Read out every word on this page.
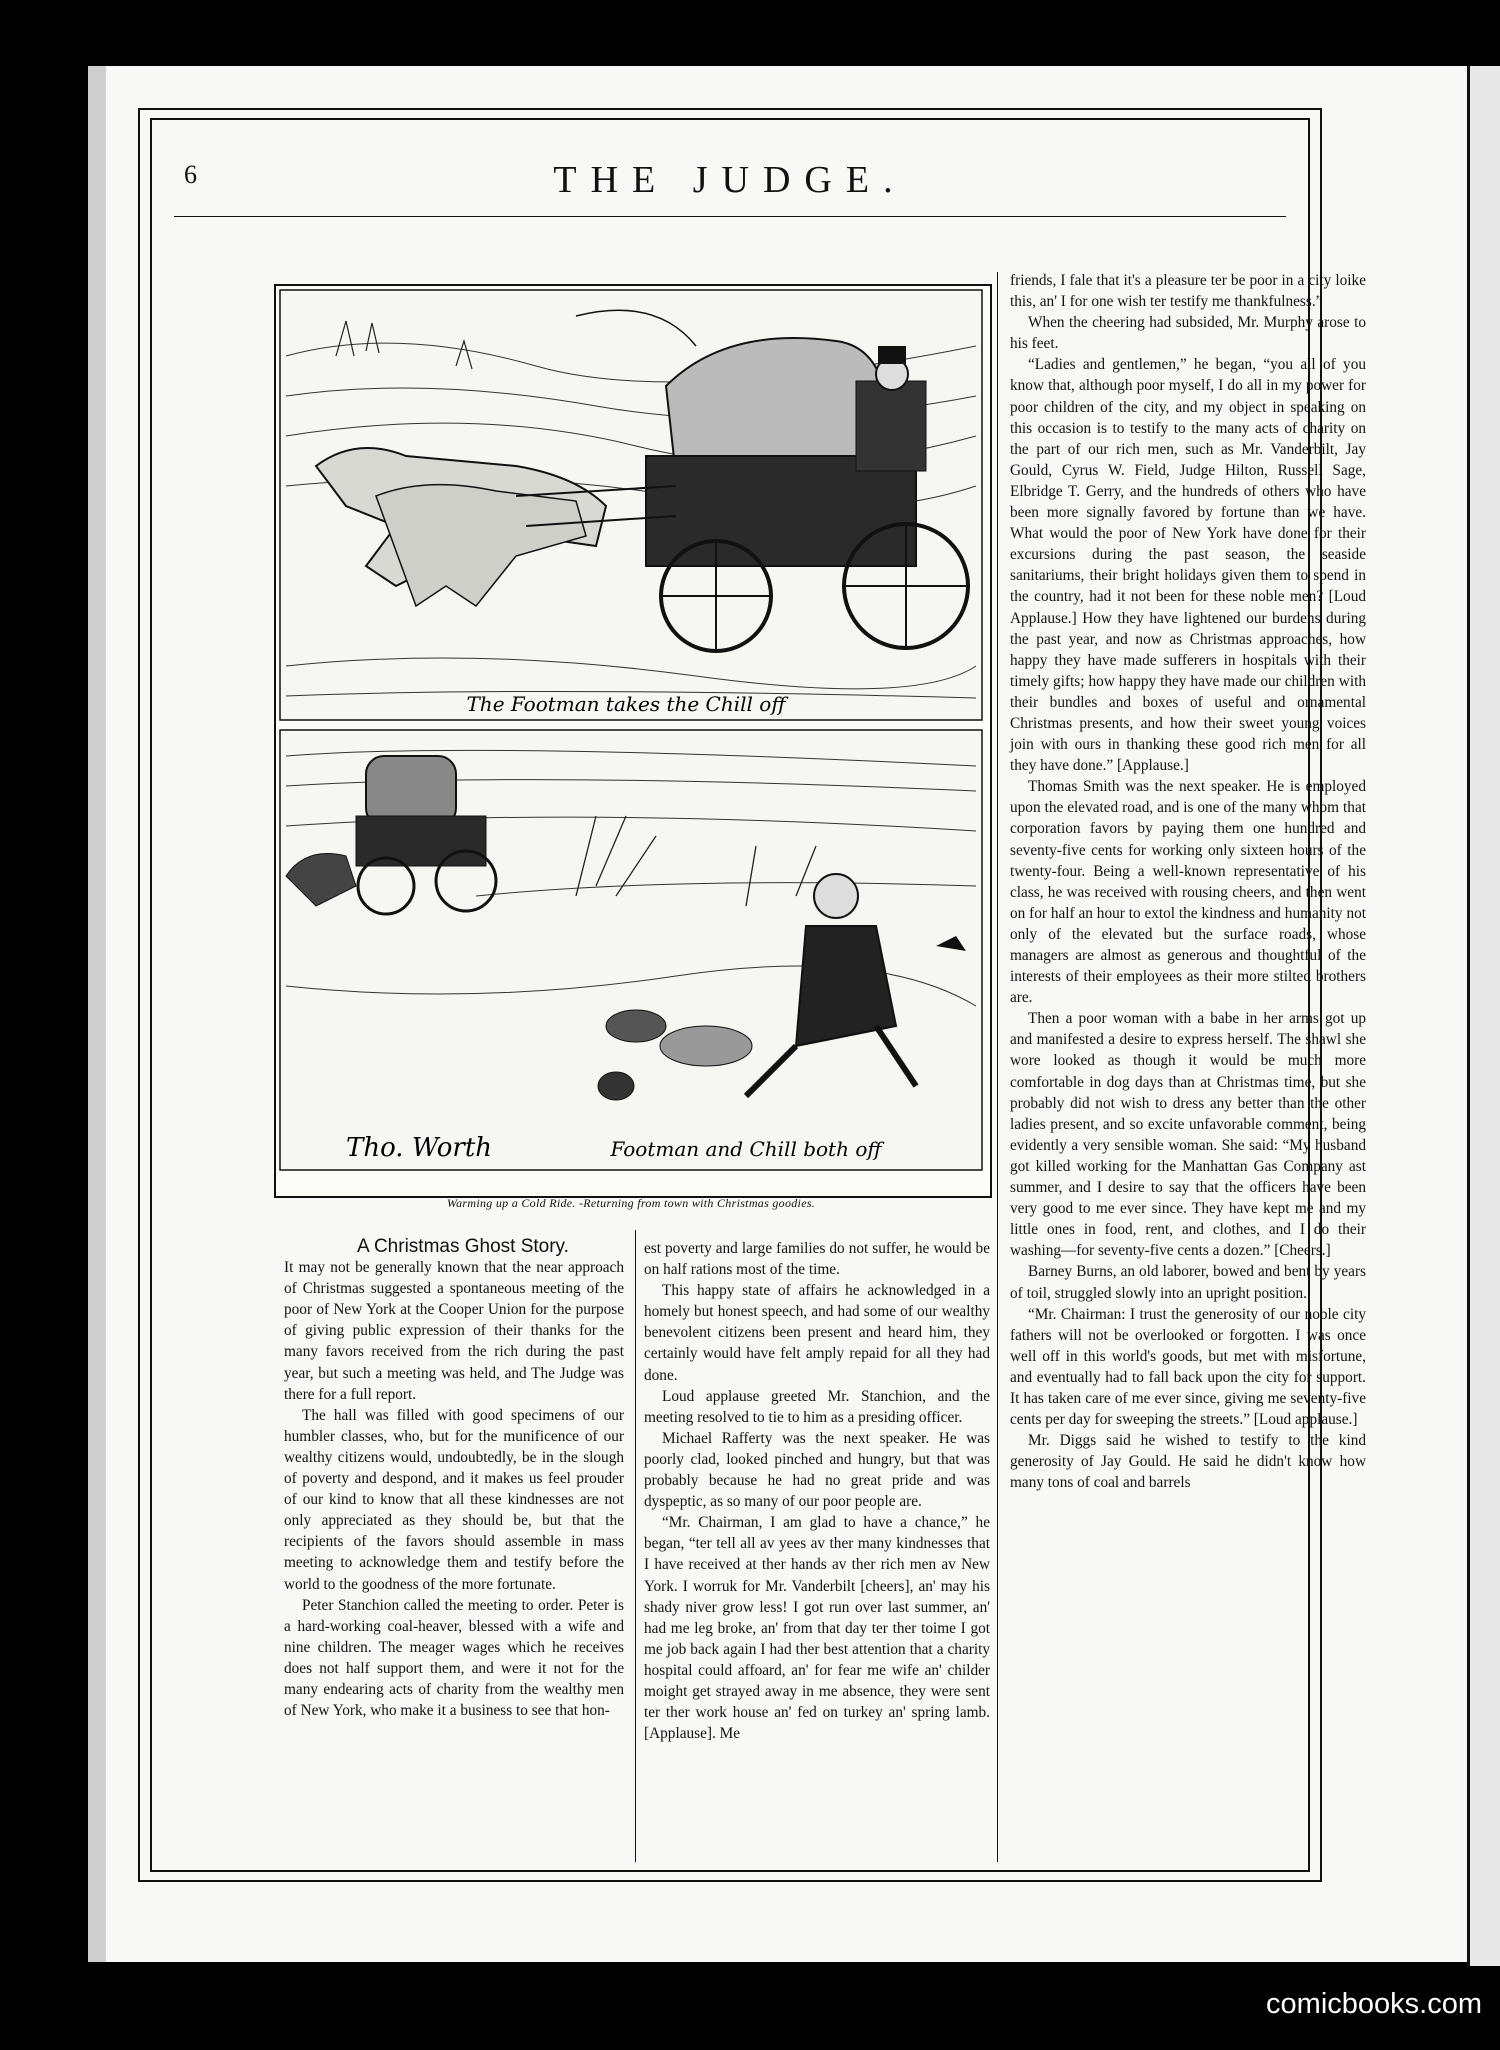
6	THE JUDGE.
The Footman takes the Chill off
Tho. Worth	Footman and Chill both off
Warming up a Cold Ride. -Returning from town with Christmas goodies.

friends, I fale that it's a pleasure ter be poor in a city loike this, an' I for one wish ter testify me thankfulness.”

When the cheering had subsided, Mr. Murphy arose to his feet.

“Ladies and gentlemen,” he began, “you all of you know that, although poor myself, I do all in my power for poor children of the city, and my object in speaking on this occasion is to testify to the many acts of charity on the part of our rich men, such as Mr. Vanderbilt, Jay Gould, Cyrus W. Field, Judge Hilton, Russell Sage, Elbridge T. Gerry, and the hundreds of others who have been more signally favored by fortune than we have. What would the poor of New York have done for their excursions during the past season, the seaside sanitariums, their bright holidays given them to spend in the country, had it not been for these noble men? [Loud Applause.] How they have lightened our burdens during the past year, and now as Christmas approaches, how happy they have made sufferers in hospitals with their timely gifts; how happy they have made our children with their bundles and boxes of useful and ornamental Christmas presents, and how their sweet young voices join with ours in thanking these good rich men for all they have done.” [Applause.]

Thomas Smith was the next speaker. He is employed upon the elevated road, and is one of the many whom that corporation favors by paying them one hundred and seventy-five cents for working only sixteen hours of the twenty-four. Being a well-known representative of his class, he was received with rousing cheers, and then went on for half an hour to extol the kindness and humanity not only of the elevated but the surface roads, whose managers are almost as generous and thoughtful of the interests of their employees as their more stilted brothers are.

Then a poor woman with a babe in her arms got up and manifested a desire to express herself. The shawl she wore looked as though it would be much more comfortable in dog days than at Christmas time, but she probably did not wish to dress any better than the other ladies present, and so excite unfavorable comment, being evidently a very sensible woman. She said: “My husband got killed working for the Manhattan Gas Company ast summer, and I desire to say that the officers have been very good to me ever since. They have kept me and my little ones in food, rent, and clothes, and I do their washing—for seventy-five cents a dozen.” [Cheers.]

Barney Burns, an old laborer, bowed and bent by years of toil, struggled slowly into an upright position.

“Mr. Chairman: I trust the generosity of our noble city fathers will not be overlooked or forgotten. I was once well off in this world's goods, but met with misfortune, and eventually had to fall back upon the city for support. It has taken care of me ever since, giving me seventy-five cents per day for sweeping the streets.” [Loud applause.]

Mr. Diggs said he wished to testify to the kind generosity of Jay Gould. He said he didn't know how many tons of coal and barrels

A Christmas Ghost Story.

It may not be generally known that the near approach of Christmas suggested a spontaneous meeting of the poor of New York at the Cooper Union for the purpose of giving public expression of their thanks for the many favors received from the rich during the past year, but such a meeting was held, and The Judge was there for a full report.

The hall was filled with good specimens of our humbler classes, who, but for the munificence of our wealthy citizens would, undoubtedly, be in the slough of poverty and despond, and it makes us feel prouder of our kind to know that all these kindnesses are not only appreciated as they should be, but that the recipients of the favors should assemble in mass meeting to acknowledge them and testify before the world to the goodness of the more fortunate.

Peter Stanchion called the meeting to order. Peter is a hard-working coal-heaver, blessed with a wife and nine children. The meager wages which he receives does not half support them, and were it not for the many endearing acts of charity from the wealthy men of New York, who make it a business to see that hon-

est poverty and large families do not suffer, he would be on half rations most of the time.

This happy state of affairs he acknowledged in a homely but honest speech, and had some of our wealthy benevolent citizens been present and heard him, they certainly would have felt amply repaid for all they had done.

Loud applause greeted Mr. Stanchion, and the meeting resolved to tie to him as a presiding officer.

Michael Rafferty was the next speaker. He was poorly clad, looked pinched and hungry, but that was probably because he had no great pride and was dyspeptic, as so many of our poor people are.

“Mr. Chairman, I am glad to have a chance,” he began, “ter tell all av yees av ther many kindnesses that I have received at ther hands av ther rich men av New York. I worruk for Mr. Vanderbilt [cheers], an' may his shady niver grow less! I got run over last summer, an' had me leg broke, an' from that day ter ther toime I got me job back again I had ther best attention that a charity hospital could affoard, an' for fear me wife an' childer moight get strayed away in me absence, they were sent ter ther work house an' fed on turkey an' spring lamb. [Applause]. Me

comicbooks.com
